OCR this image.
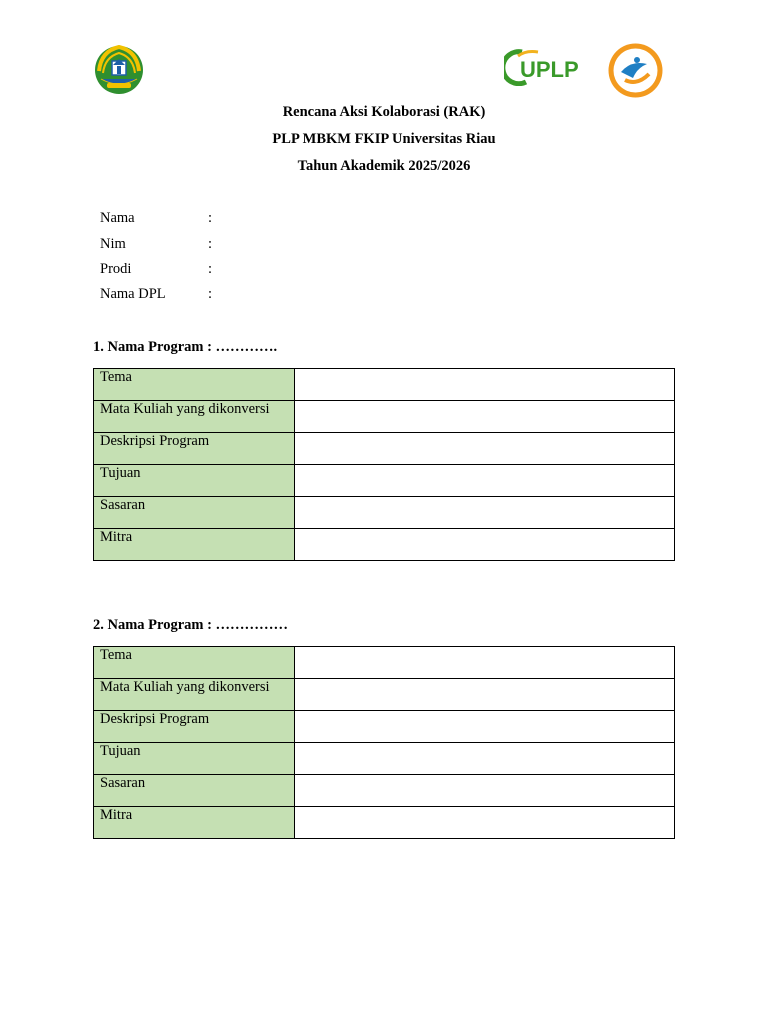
UPLP
Rencana Aksi Kolaborasi (RAK)
PLP MBKM FKIP Universitas Riau
Tahun Akademik 2025/2026
Nama	:
Nim	:
Prodi	:
Nama DPL	:
1. Nama Program : ………….
Tema	
Mata Kuliah yang dikonversi	
Deskripsi Program	
Tujuan	
Sasaran	
Mitra	
2. Nama Program : ……………
Tema	
Mata Kuliah yang dikonversi	
Deskripsi Program	
Tujuan	
Sasaran	
Mitra	
